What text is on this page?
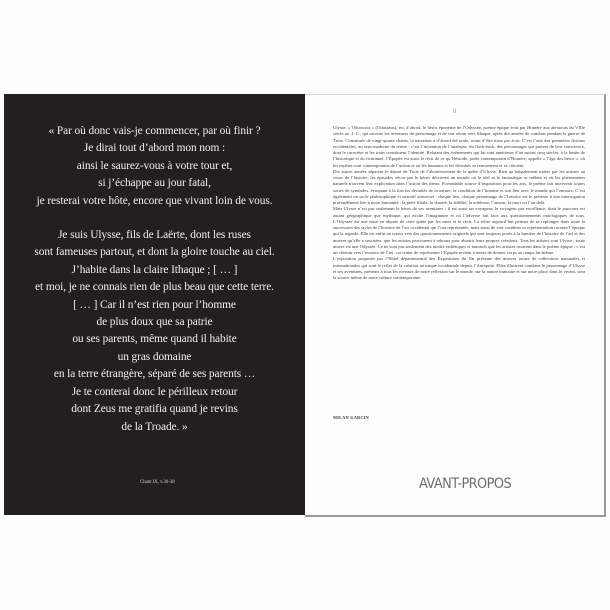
« Par où donc vais-je commencer, par où finir ?
Je dirai tout d’abord mon nom :
ainsi le saurez-vous à votre tour et,
si j’échappe au jour fatal,
je resterai votre hôte, encore que vivant loin de vous.
Je suis Ulysse, fils de Laërte, dont les ruses
sont fameuses partout, et dont la gloire touche au ciel.
J’habite dans la claire Ithaque ; [ … ]
et moi, je ne connais rien de plus beau que cette terre.
[ … ] Car il n’est rien pour l’homme
de plus doux que sa patrie
ou ses parents, même quand il habite
un gras domaine
en la terre étrangère, séparé de ses parents …
Je te conterai donc le périlleux retour
dont Zeus me gratifia quand je revins
de la Troade. »
Chant IX, v.30-38
II

Ulysse, « Ὀδυσσεύς » (Odusséus), est, d’abord, le héros éponyme de l’Odyssée, poème épique écrit par Homère aux alentours du VIIIe siècle av. J.-C., qui raconte les aventures du personnage et de son retour vers Ithaque, après dix années de combats pendant la guerre de Troie. Constituée de vingt-quatre chants, la narration a d’abord été orale, avant d’être mise par écrit. C’est l’une des premières fictions occidentales, au sens moderne du terme : c’est l’invention de l’analepse, du flash-back, des personnages qui parlent de leur conscience, dont le caractère et les traits constituent l’identité. Relatant des événements qui lui sont antérieurs d’au moins cinq siècles, à la limite de l’historique et du fictionnel, l’Épopée est aussi le récit de ce qu’Hésiode, poète contemporain d’Homère, appelle « l’âge des héros », où les mythes sont contemporains de l’action et où les humains et les divinités se rencontrent et se côtoient.

Dix autres années séparent le départ de Troie de l’aboutissement de la quête d’Ulysse. Bien qu’inégalement traités par les artistes au cours de l’histoire, les épisodes vécus par le héros décrivent un monde où le réel et le fantastique se mêlent et où les phénomènes naturels trouvent leur explication dans l’action des dieux. Formidable source d’inspiration pour les arts, le poème fait intervenir toutes sortes de symboles, évoquant à la fois les divinités de la nature, la condition de l’homme et son lien avec le monde qui l’entoure. C’est également un socle philosophique et narratif universel : chaque lieu, chaque personnage de l’histoire est le prétexte à une interrogation profondément liée à notre humanité : la piété filiale, la charité, la fidélité, la noblesse, l’amour, la mort ou l’au-delà.

Mais Ulysse n’est pas seulement le héros de ses aventures ; il est aussi un voyageur, le voyageur par excellence, dont le parcours est autant géographique que mythique, qui excite l’imaginaire et où l’adverse fait face aux questionnements ontologiques de tous. L’Odyssée est une mise en abyme de cette quête par les mots et le récit. La relire aujourd’hui permet de se replonger dans toute la succession des styles de l’histoire de l’art occidental qui l’ont représentée, mais aussi de voir combien sa représentation raconte l’époque qui la regarde. Elle est enfin un retour vers des questionnements originels qui sont toujours posés à la lumière de l’histoire de l’art et des œuvres qu’elle a suscitées, que les artistes parcourent à rebours pour aboutir leurs propres créations. Tous les artistes sont Ulysse ; toute œuvre est une Odyssée. Ce ne sont pas seulement des motifs esthétiques et narratifs que les artistes trouvent dans le poème épique ; c’est un chemin vers l’essence de l’art, car tenter de représenter l’Épopée revient à tenter de donner corps au temps lui-même.

L’exposition proposée par l’Hôtel départemental des Expositions du Var présente des œuvres issues de collections nationales et internationales qui sont le reflet de la création artistique occidentale depuis l’Antiquité. Elles illustrent combien le personnage d’Ulysse et ses aventures, présents à tous les niveaux de notre réflexion sur le monde, sur la nature humaine et sur notre place dans le vivant, sont la source même de notre culture contemporaine.

MILAN GARCIN
AVANT-PROPOS
